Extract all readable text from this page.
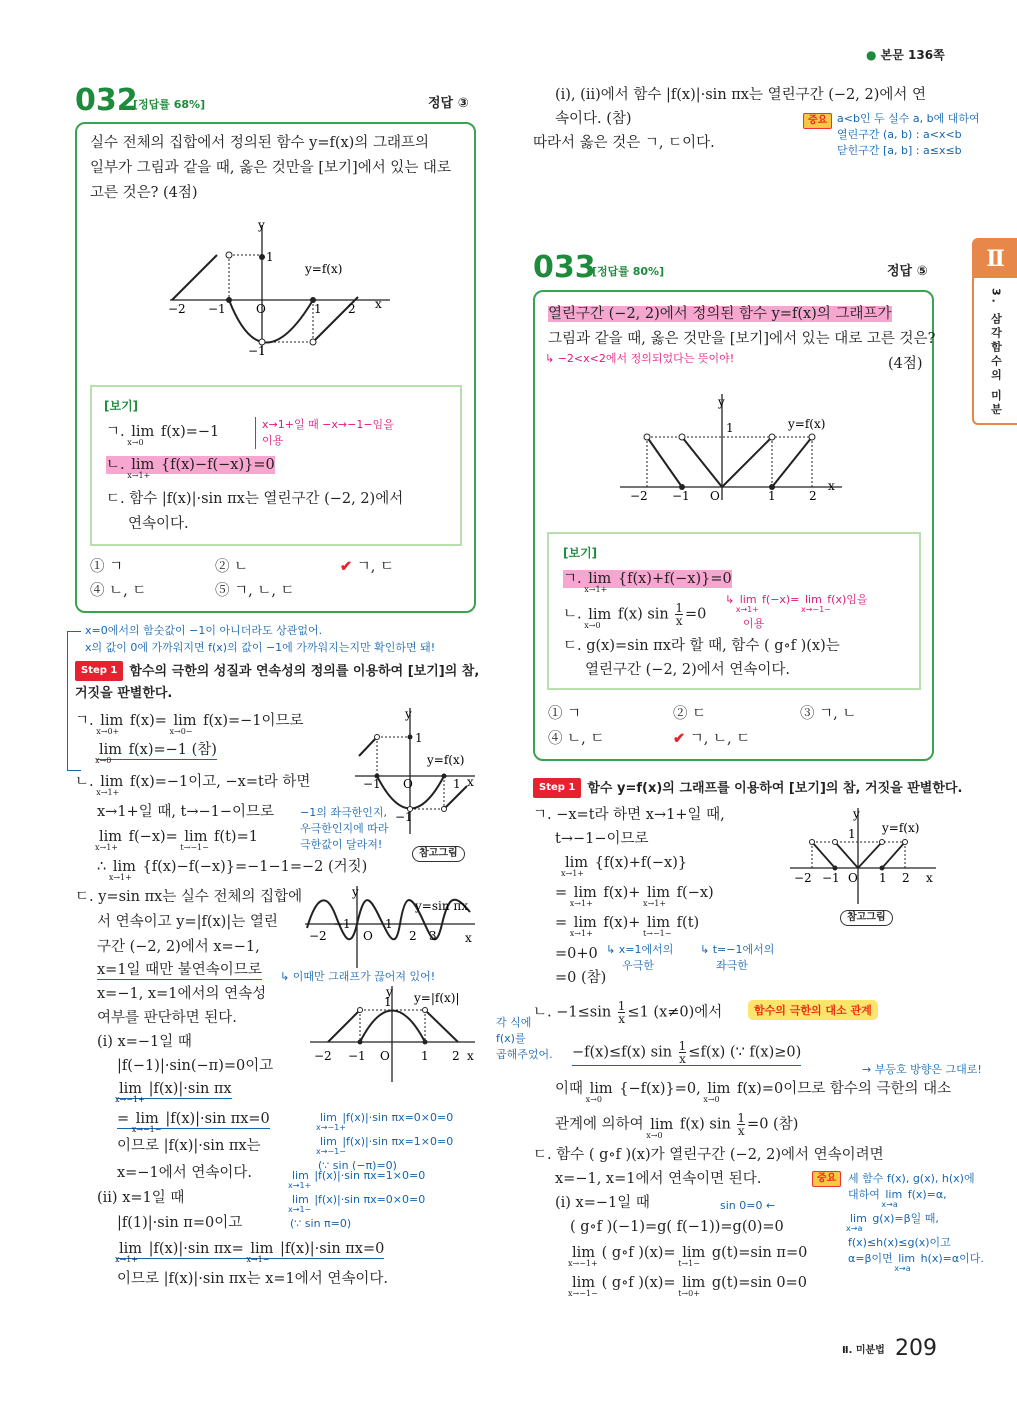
● 본문 136쪽
Ⅱ
3. 삼각함수의 미분
032
[정답률 68%]	정답 ③
실수 전체의 집합에서 정의된 함수 y=f(x)의 그래프의
일부가 그림과 같을 때, 옳은 것만을 [보기]에서 있는 대로
고른 것은? (4점)
y
x
O
y=f(x)
−2 −1	1 2
1
−1
[보기]
ㄱ. lim
x→0
f(x)=−1
ㄴ. lim
x→1+
{f(x)−f(−x)}=0
ㄷ. 함수 |f(x)|·sin πx는 열린구간 (−2, 2)에서
연속이다.
x→1+일 때 −x→−1−임을
이용
① ㄱ	② ㄴ	✔ ㄱ, ㄷ
④ ㄴ, ㄷ	⑤ ㄱ, ㄴ, ㄷ
x=0에서의 함숫값이 −1이 아니더라도 상관없어.
x의 값이 0에 가까워지면 f(x)의 값이 −1에 가까워지는지만 확인하면 돼!
Step 1 함수의 극한의 성질과 연속성의 정의를 이용하여 [보기]의 참,
거짓을 판별한다.
ㄱ. lim
x→0+
f(x)= lim
x→0−
f(x)=−1이므로
lim
x→0
f(x)=−1 (참)
ㄴ. lim
x→1+
f(x)=−1이고, −x=t라 하면
x→1+일 때, t→−1−이므로
lim
x→1+
f(−x)= lim
t→−1−
f(t)=1
∴ lim
x→1+
{f(x)−f(−x)}=−1−1=−2 (거짓)
−1의 좌극한인지,
우극한인지에 따라
극한값이 달라져!
참고그림
y
x
O
y=f(x)
−1	1
1
−1
ㄷ. y=sin πx는 실수 전체의 집합에
서 연속이고 y=|f(x)|는 열린
구간 (−2, 2)에서 x=−1,
x=1일 때만 불연속이므로 ↳ 이때만 그래프가 끊어져 있어!
x=−1, x=1에서의 연속성
여부를 판단하면 된다.
(i) x=−1일 때
|f(−1)|·sin(−π)=0이고
lim
x→−1+
|f(x)|·sin πx
= lim
x→−1−
|f(x)|·sin πx=0
이므로 |f(x)|·sin πx는
x=−1에서 연속이다.
lim
x→−1+
|f(x)|·sin πx=0×0=0
lim
x→−1−
|f(x)|·sin πx=1×0=0
(∵ sin (−π)=0)
(ii) x=1일 때
|f(1)|·sin π=0이고
lim
x→1+
|f(x)|·sin πx= lim
x→1−
|f(x)|·sin πx=0
이므로 |f(x)|·sin πx는 x=1에서 연속이다.
lim
x→1+
|f(x)|·sin πx=1×0=0
lim
x→1−
|f(x)|·sin πx=0×0=0
(∵ sin π=0)
y
x
O
y=sin πx
−2
−1	1
2 3
y
x
O
y=|f(x)|
−2 −1	1 2
1
(i), (ii)에서 함수 |f(x)|·sin πx는 열린구간 (−2, 2)에서 연
속이다. (참)
따라서 옳은 것은 ㄱ, ㄷ이다.
중요 a<b인 두 실수 a, b에 대하여
열린구간 (a, b) : a<x<b
닫힌구간 [a, b] : a≤x≤b
033
[정답률 80%]	정답 ⑤
열린구간 (−2, 2)에서 정의된 함수 y=f(x)의 그래프가
그림과 같을 때, 옳은 것만을 [보기]에서 있는 대로 고른 것은?
(4점)
↳ −2<x<2에서 정의되었다는 뜻이야!
y
x
O
y=f(x)
−2 −1	1	2
1
[보기]
ㄱ. lim
x→1+
{f(x)+f(−x)}=0
ㄴ. lim
x→0
f(x) $\sin \frac{1}{x} =0$
ㄷ. g(x)=sin πx라 할 때, 함수 ( g∘f )(x)는
열린구간 (−2, 2)에서 연속이다.
↳ lim
x→1+
f(−x)= lim
x→−1−
f(x)임을
이용
① ㄱ	② ㄷ	③ ㄱ, ㄴ
④ ㄴ, ㄷ	✔ ㄱ, ㄴ, ㄷ
Step 1 함수 y=f(x)의 그래프를 이용하여 [보기]의 참, 거짓을 판별한다.
ㄱ. −x=t라 하면 x→1+일 때,
t→−1−이므로
lim
x→1+
{f(x)+f(−x)}
= lim
x→1+
f(x)+ lim
x→1+
f(−x)
= lim
x→1+
f(x)+ lim
t→−1−
f(t)
=0+0
=0 (참)
↳ x=1에서의
우극한
↳ t=−1에서의
좌극한
y
x
O
y=f(x)
−2 −1	1 2
1
참고그림
ㄴ. $-1\le\sin \frac{1}{x} \le 1$ (x≠0)에서	함수의 극한의 대소 관계
각 식에
f(x)를
곱해주었어. −f(x)≤f(x) $\sin \frac{1}{x} \le f(x)$ (∵ f(x)≥0)
→ 부등호 방향은 그대로!
이때 lim
x→0
{−f(x)}=0, lim
x→0
f(x)=0이므로 함수의 극한의 대소
관계에 의하여 lim
x→0
f(x) $\sin \frac{1}{x} =0$ (참)
ㄷ. 함수 ( g∘f )(x)가 열린구간 (−2, 2)에서 연속이려면
x=−1, x=1에서 연속이면 된다.
(i) x=−1일 때	sin 0=0 ←
( g∘f )(−1)=g( f(−1))=g(0)=0
lim
x→−1+
( g∘f )(x)= lim
t→1−
g(t)=sin π=0
lim
x→−1−
( g∘f )(x)= lim
t→0+
g(t)=sin 0=0
중요	세 함수 f(x), g(x), h(x)에
대하여 lim
x→a
f(x)=α,
lim
x→a
g(x)=β일 때,
f(x)≤h(x)≤g(x)이고
α=β이면 lim
x→a
h(x)=α이다.
Ⅱ. 미분법 209
